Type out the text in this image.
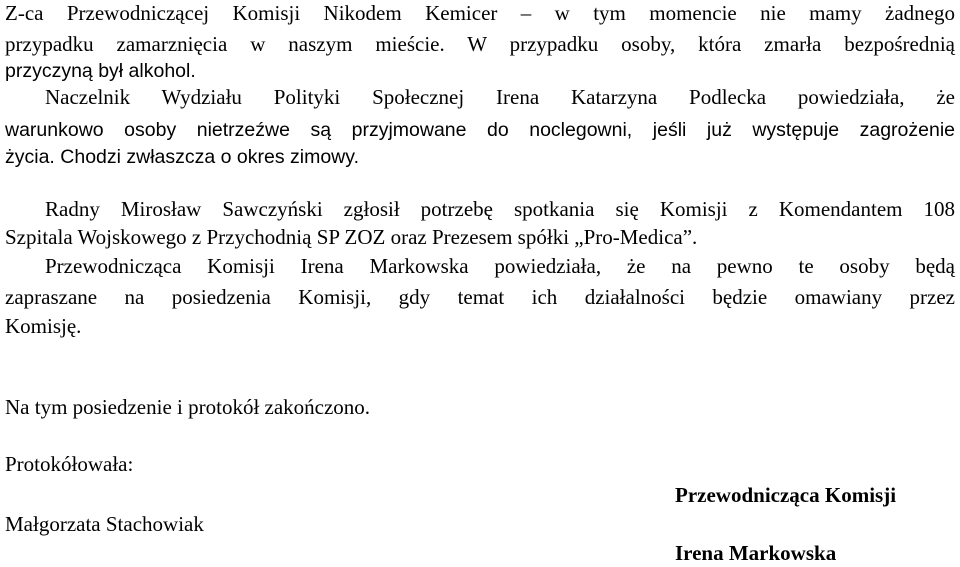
Z-ca Przewodniczącej Komisji Nikodem Kemicer – w tym momencie nie mamy żadnego
przypadku zamarznięcia w naszym mieście. W przypadku osoby, która zmarła bezpośrednią
przyczyną był alkohol.
Naczelnik Wydziału Polityki Społecznej Irena Katarzyna Podlecka powiedziała, że
warunkowo osoby nietrzeźwe są przyjmowane do noclegowni, jeśli już występuje zagrożenie
życia. Chodzi zwłaszcza o okres zimowy.
Radny Mirosław Sawczyński zgłosił potrzebę spotkania się Komisji z Komendantem 108
Szpitala Wojskowego z Przychodnią SP ZOZ oraz Prezesem spółki „Pro-Medica”.
Przewodnicząca Komisji Irena Markowska powiedziała, że na pewno te osoby będą
zapraszane na posiedzenia Komisji, gdy temat ich działalności będzie omawiany przez
Komisję.
Na tym posiedzenie i protokół zakończono.
Protokółowała:
Małgorzata Stachowiak
Przewodnicząca Komisji
Irena Markowska
